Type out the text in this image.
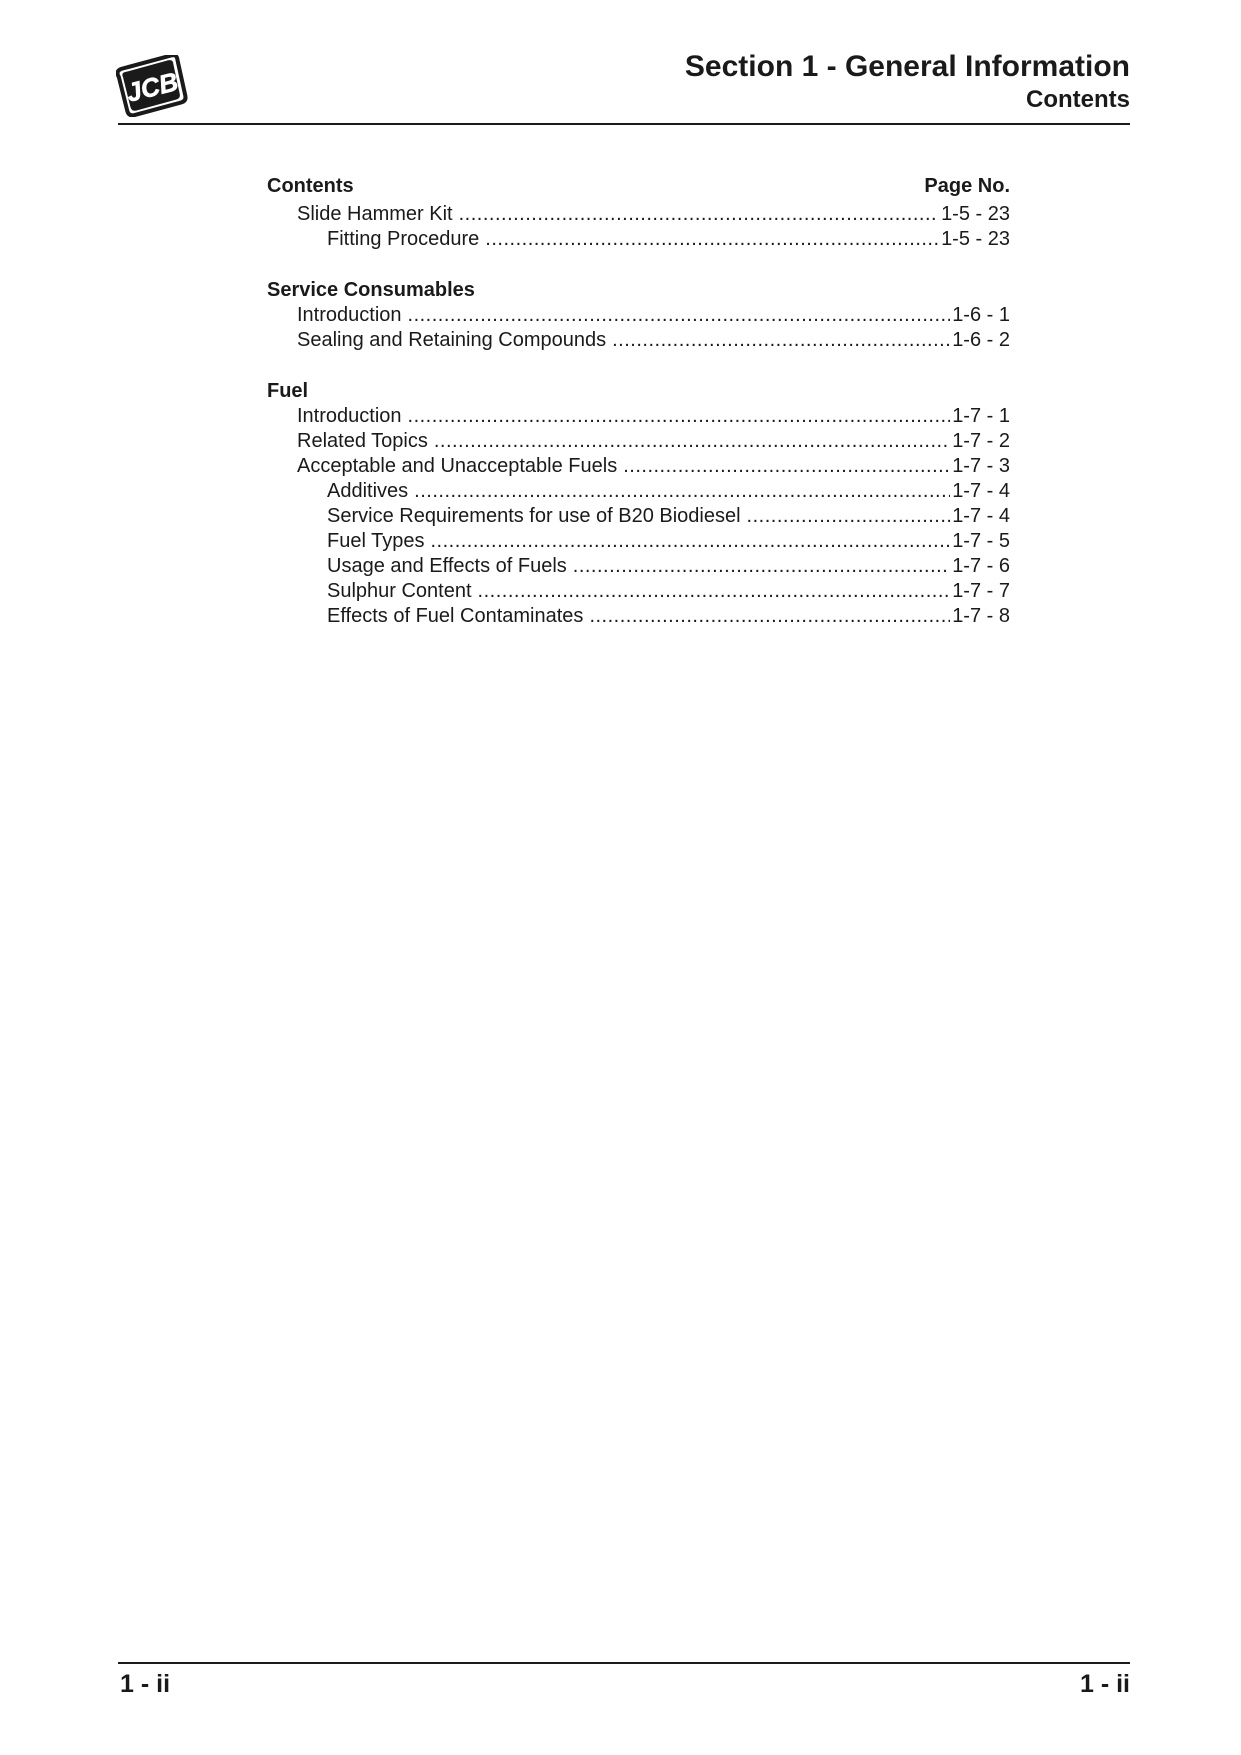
JCB	Section 1 - General Information
Contents
Contents	Page No.
Slide Hammer Kit .....	1-5 - 23
Fitting Procedure .....	1-5 - 23
Service Consumables
Introduction .....	1-6 - 1
Sealing and Retaining Compounds .....	1-6 - 2
Fuel
Introduction .....	1-7 - 1
Related Topics .....	1-7 - 2
Acceptable and Unacceptable Fuels .....	1-7 - 3
Additives .....	1-7 - 4
Service Requirements for use of B20 Biodiesel .....	1-7 - 4
Fuel Types .....	1-7 - 5
Usage and Effects of Fuels .....	1-7 - 6
Sulphur Content .....	1-7 - 7
Effects of Fuel Contaminates .....	1-7 - 8
1 - ii	1 - ii
